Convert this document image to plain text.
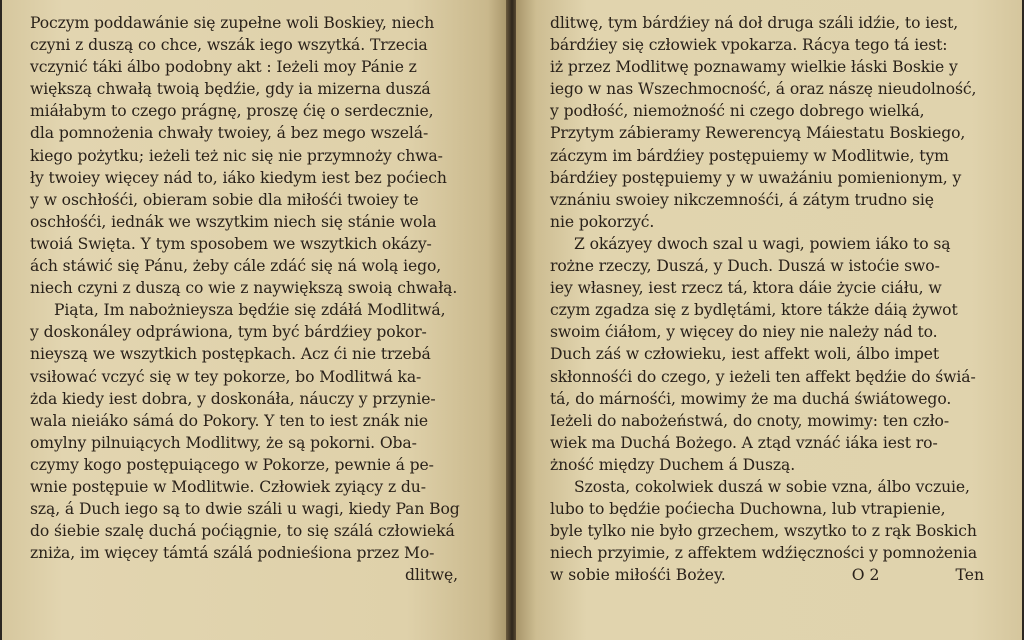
Poczym poddawánie się zupełne woli Boskiey, niech
czyni z duszą co chce, wszák iego wszytká. Trzecia
vczynić táki álbo podobny akt : Ieżeli moy Pánie z
większą chwałą twoią będźie, gdy ia mizerna duszá
miáłabym to czego prágnę, proszę ćię o serdecznie,
dla pomnożenia chwały twoiey, á bez mego wszelá-
kiego pożytku; ieżeli też nic się nie przymnoży chwa-
ły twoiey więcey nád to, iáko kiedym iest bez poćiech
y w oschłośći, obieram sobie dla miłośći twoiey te
oschłośći, iednák we wszytkim niech się stánie wola
twoiá Swięta. Y tym sposobem we wszytkich okázy-
ách stáwić się Pánu, żeby cále zdáć się ná wolą iego,
niech czyni z duszą co wie z naywiększą swoią chwałą.
Piąta, Im nabożnieysza będźie się zdáłá Modlitwá,
y doskonáley odpráwiona, tym być bárdźiey pokor-
nieyszą we wszytkich postępkach. Acz ći nie trzebá
vsiłować vczyć się w tey pokorze, bo Modlitwá ka-
żda kiedy iest dobra, y doskonáła, náuczy y przynie-
wala nieiáko sámá do Pokory. Y ten to iest znák nie
omylny pilnuiących Modlitwy, że są pokorni. Oba-
czymy kogo postępuiącego w Pokorze, pewnie á pe-
wnie postępuie w Modlitwie. Człowiek zyiący z du-
szą, á Duch iego są to dwie száli u wagi, kiedy Pan Bog
do śiebie szalę duchá poćiągnie, to się szálá człowieká
zniża, im więcey támtá szálá podnieśiona przez Mo-
dlitwę,
dlitwę, tym bárdźiey ná doł druga száli idźie, to iest,
bárdźiey się człowiek vpokarza. Rácya tego tá iest:
iż przez Modlitwę poznawamy wielkie łáski Boskie y
iego w nas Wszechmocność, á oraz nászę nieudolność,
y podłość, niemożność ni czego dobrego wielká,
Przytym zábieramy Rewerencyą Máiestatu Boskiego,
záczym im bárdźiey postępuiemy w Modlitwie, tym
bárdźiey postępuiemy y w uważániu pomienionym, y
vznániu swoiey nikczemnośći, á zátym trudno się
nie pokorzyć.
Z okázyey dwoch szal u wagi, powiem iáko to są
rożne rzeczy, Duszá, y Duch. Duszá w istoćie swo-
iey własney, iest rzecz tá, ktora dáie życie ciáłu, w
czym zgadza się z bydlętámi, ktore tákże dáią żywot
swoim ćiáłom, y więcey do niey nie należy nád to.
Duch záś w człowieku, iest affekt woli, álbo impet
skłonnośći do czego, y ieżeli ten affekt będźie do świá-
tá, do márnośći, mowimy że ma duchá świátowego.
Ieżeli do nabożeństwá, do cnoty, mowimy: ten czło-
wiek ma Duchá Bożego. A ztąd vznáć iáka iest ro-
żność między Duchem á Duszą.
Szosta, cokolwiek duszá w sobie vzna, álbo vczuie,
lubo to będźie poćiecha Duchowna, lub vtrapienie,
byle tylko nie było grzechem, wszytko to z rąk Boskich
niech przyimie, z affektem wdźięczności y pomnożenia
w sobie miłośći Bożey.	O 2	Ten
